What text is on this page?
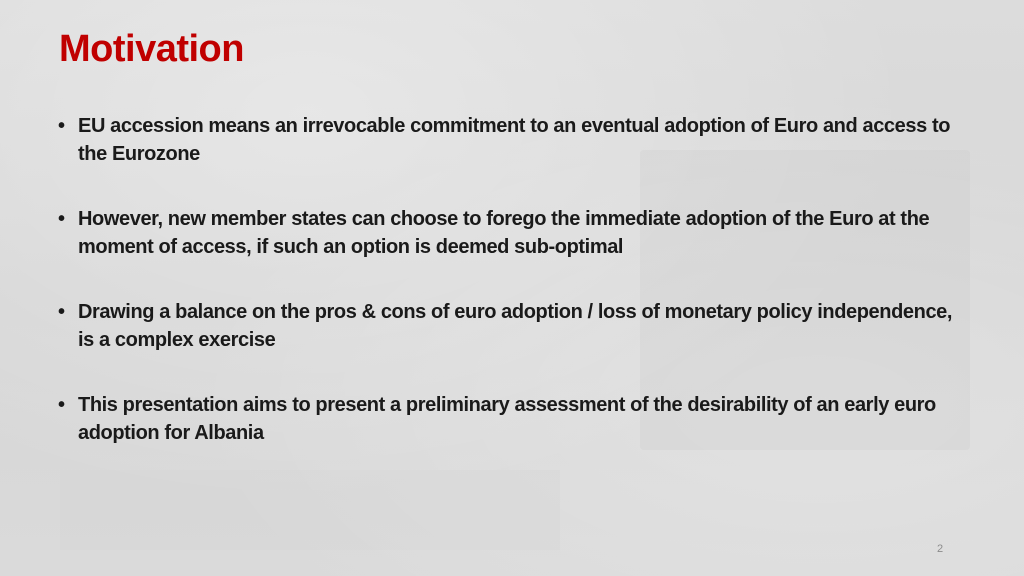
Motivation
• EU accession means an irrevocable commitment to an eventual adoption of Euro and access to the Eurozone
• However, new member states can choose to forego the immediate adoption of the Euro at the moment of access, if such an option is deemed sub-optimal
• Drawing a balance on the pros & cons of euro adoption / loss of monetary policy independence, is a complex exercise
• This presentation aims to present a preliminary assessment of the desirability of an early euro adoption for Albania
2
